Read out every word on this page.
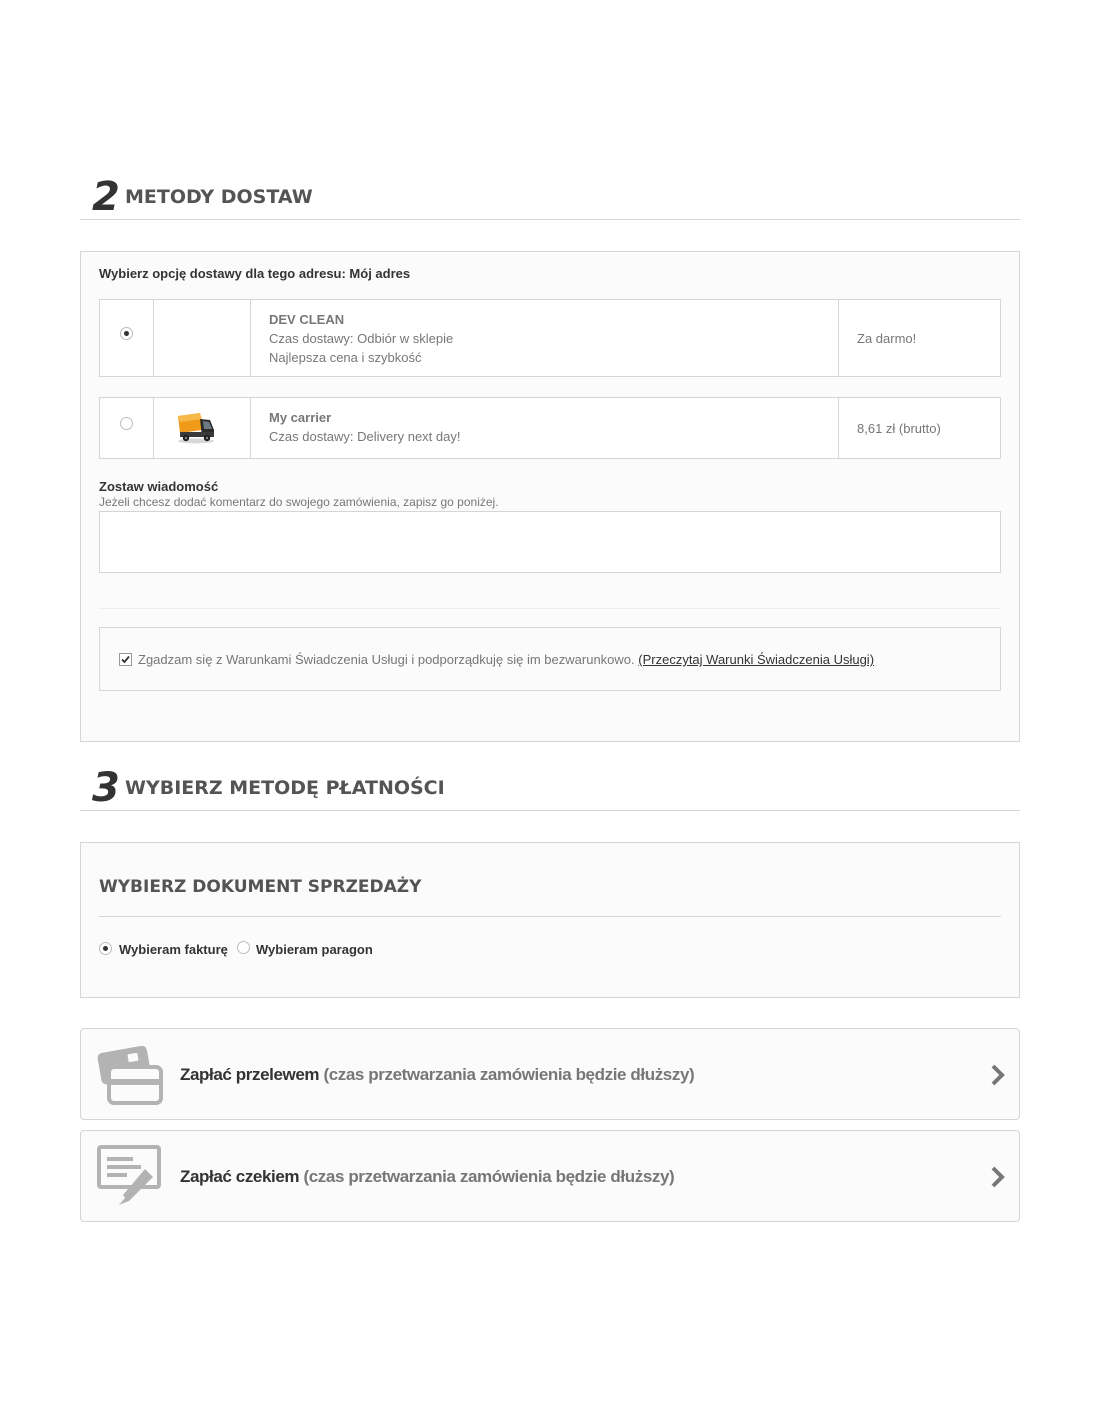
2 METODY DOSTAW
Wybierz opcję dostawy dla tego adresu: Mój adres
DEV CLEAN
Czas dostawy: Odbiór w sklepie
Najlepsza cena i szybkość
Za darmo!
My carrier
Czas dostawy: Delivery next day!
8,61 zł (brutto)
Zostaw wiadomość
Jeżeli chcesz dodać komentarz do swojego zamówienia, zapisz go poniżej.
Zgadzam się z Warunkami Świadczenia Usługi i podporządkuję się im bezwarunkowo. (Przeczytaj Warunki Świadczenia Usługi)
3 WYBIERZ METODĘ PŁATNOŚCI
WYBIERZ DOKUMENT SPRZEDAŻY
Wybieram fakturę Wybieram paragon
Zapłać przelewem (czas przetwarzania zamówienia będzie dłuższy)
Zapłać czekiem (czas przetwarzania zamówienia będzie dłuższy)
